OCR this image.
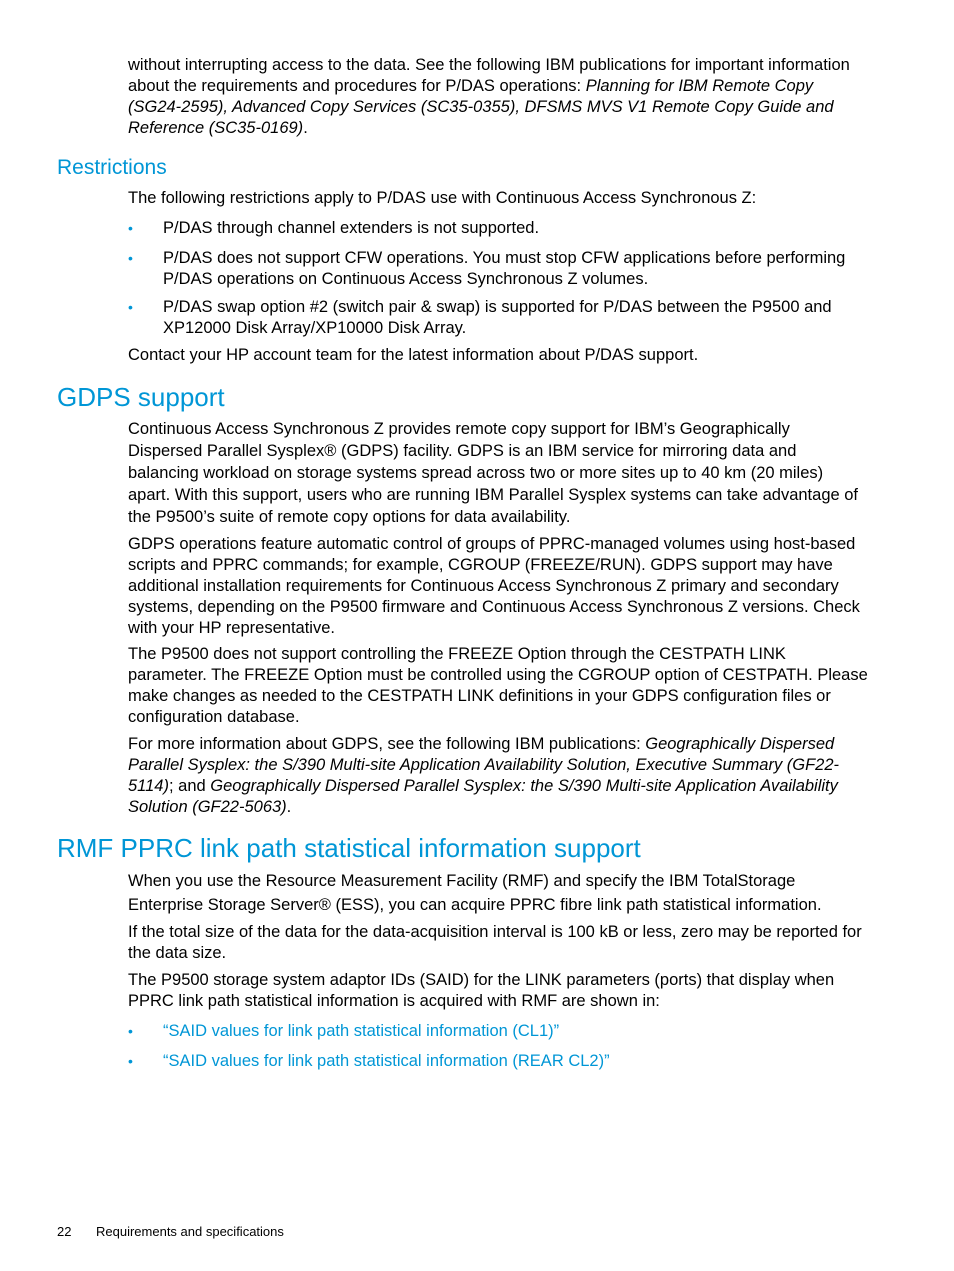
without interrupting access to the data. See the following IBM publications for important information about the requirements and procedures for P/DAS operations: Planning for IBM Remote Copy (SG24-2595), Advanced Copy Services (SC35-0355), DFSMS MVS V1 Remote Copy Guide and Reference (SC35-0169).

Restrictions

The following restrictions apply to P/DAS use with Continuous Access Synchronous Z:

• P/DAS through channel extenders is not supported.
• P/DAS does not support CFW operations. You must stop CFW applications before performing P/DAS operations on Continuous Access Synchronous Z volumes.
• P/DAS swap option #2 (switch pair & swap) is supported for P/DAS between the P9500 and XP12000 Disk Array/XP10000 Disk Array.

Contact your HP account team for the latest information about P/DAS support.

GDPS support

Continuous Access Synchronous Z provides remote copy support for IBM’s Geographically Dispersed Parallel Sysplex® (GDPS) facility. GDPS is an IBM service for mirroring data and balancing workload on storage systems spread across two or more sites up to 40 km (20 miles) apart. With this support, users who are running IBM Parallel Sysplex systems can take advantage of the P9500’s suite of remote copy options for data availability.

GDPS operations feature automatic control of groups of PPRC-managed volumes using host-based scripts and PPRC commands; for example, CGROUP (FREEZE/RUN). GDPS support may have additional installation requirements for Continuous Access Synchronous Z primary and secondary systems, depending on the P9500 firmware and Continuous Access Synchronous Z versions. Check with your HP representative.

The P9500 does not support controlling the FREEZE Option through the CESTPATH LINK parameter. The FREEZE Option must be controlled using the CGROUP option of CESTPATH. Please make changes as needed to the CESTPATH LINK definitions in your GDPS configuration files or configuration database.

For more information about GDPS, see the following IBM publications: Geographically Dispersed Parallel Sysplex: the S/390 Multi-site Application Availability Solution, Executive Summary (GF22-5114); and Geographically Dispersed Parallel Sysplex: the S/390 Multi-site Application Availability Solution (GF22-5063).

RMF PPRC link path statistical information support

When you use the Resource Measurement Facility (RMF) and specify the IBM TotalStorage Enterprise Storage Server® (ESS), you can acquire PPRC fibre link path statistical information.

If the total size of the data for the data-acquisition interval is 100 kB or less, zero may be reported for the data size.

The P9500 storage system adaptor IDs (SAID) for the LINK parameters (ports) that display when PPRC link path statistical information is acquired with RMF are shown in:

• “SAID values for link path statistical information (CL1)”
• “SAID values for link path statistical information (REAR CL2)”
22 Requirements and specifications
